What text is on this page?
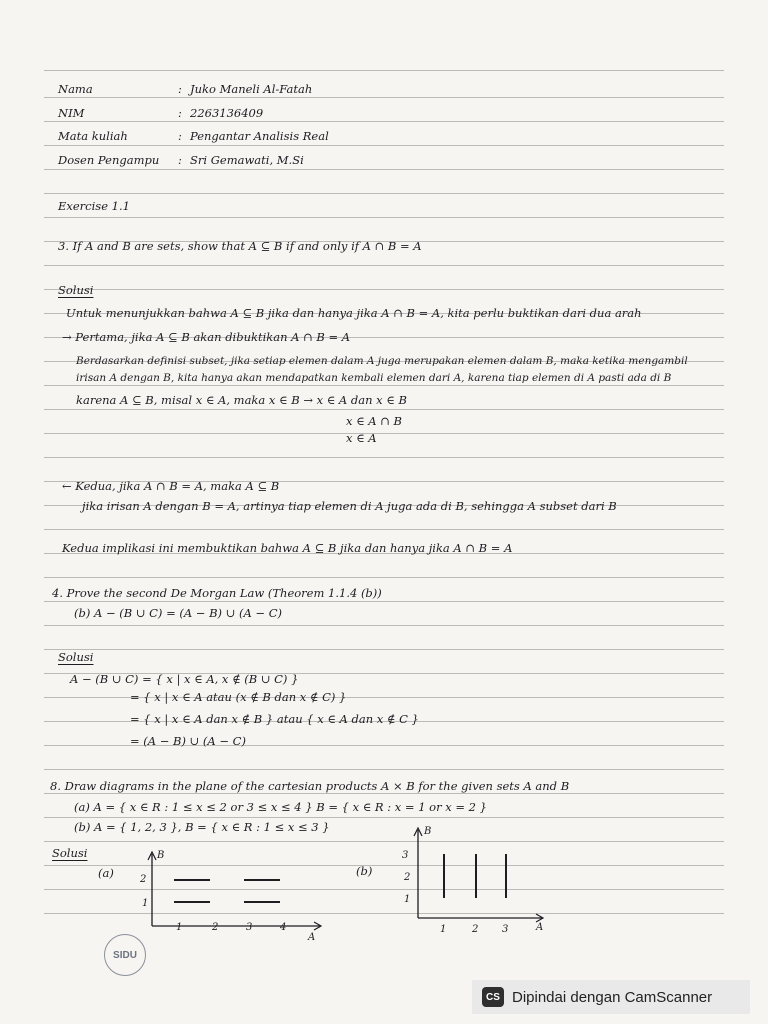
Nama	: Juko Maneli Al-Fatah
NIM	: 2263136409
Mata kuliah	: Pengantar Analisis Real
Dosen Pengampu : Sri Gemawati, M.Si
Exercise 1.1
3. If A and B are sets, show that A ⊆ B if and only if A ∩ B = A
Solusi
Untuk menunjukkan bahwa A ⊆ B jika dan hanya jika A ∩ B = A, kita perlu buktikan dari dua arah
→ Pertama, jika A ⊆ B akan dibuktikan A ∩ B = A
Berdasarkan definisi subset, jika setiap elemen dalam A juga merupakan elemen dalam B, maka ketika mengambil
irisan A dengan B, kita hanya akan mendapatkan kembali elemen dari A, karena tiap elemen di A pasti ada di B
karena A ⊆ B, misal x ∈ A, maka x ∈ B → x ∈ A dan x ∈ B
x ∈ A ∩ B
x ∈ A
← Kedua, jika A ∩ B = A, maka A ⊆ B
jika irisan A dengan B = A, artinya tiap elemen di A juga ada di B, sehingga A subset dari B
Kedua implikasi ini membuktikan bahwa A ⊆ B jika dan hanya jika A ∩ B = A
4. Prove the second De Morgan Law (Theorem 1.1.4 (b))
(b) A − (B ∪ C) = (A − B) ∪ (A − C)
Solusi
A − (B ∪ C) = { x | x ∈ A, x ∉ (B ∪ C) }
= { x | x ∈ A atau (x ∉ B dan x ∉ C) }
= { x | x ∈ A dan x ∉ B } atau { x ∈ A dan x ∉ C }
= (A − B) ∪ (A − C)
8. Draw diagrams in the plane of the cartesian products A × B for the given sets A and B
(a) A = { x ∈ R : 1 ≤ x ≤ 2 or 3 ≤ x ≤ 4 } B = { x ∈ R : x = 1 or x = 2 }
(b) A = { 1, 2, 3 }, B = { x ∈ R : 1 ≤ x ≤ 3 }
Solusi
(a)	(b)
B
A
1
2
1	2	3	4
B
A
1
2
3
1	2 3
SIDU
CS Dipindai dengan CamScanner
